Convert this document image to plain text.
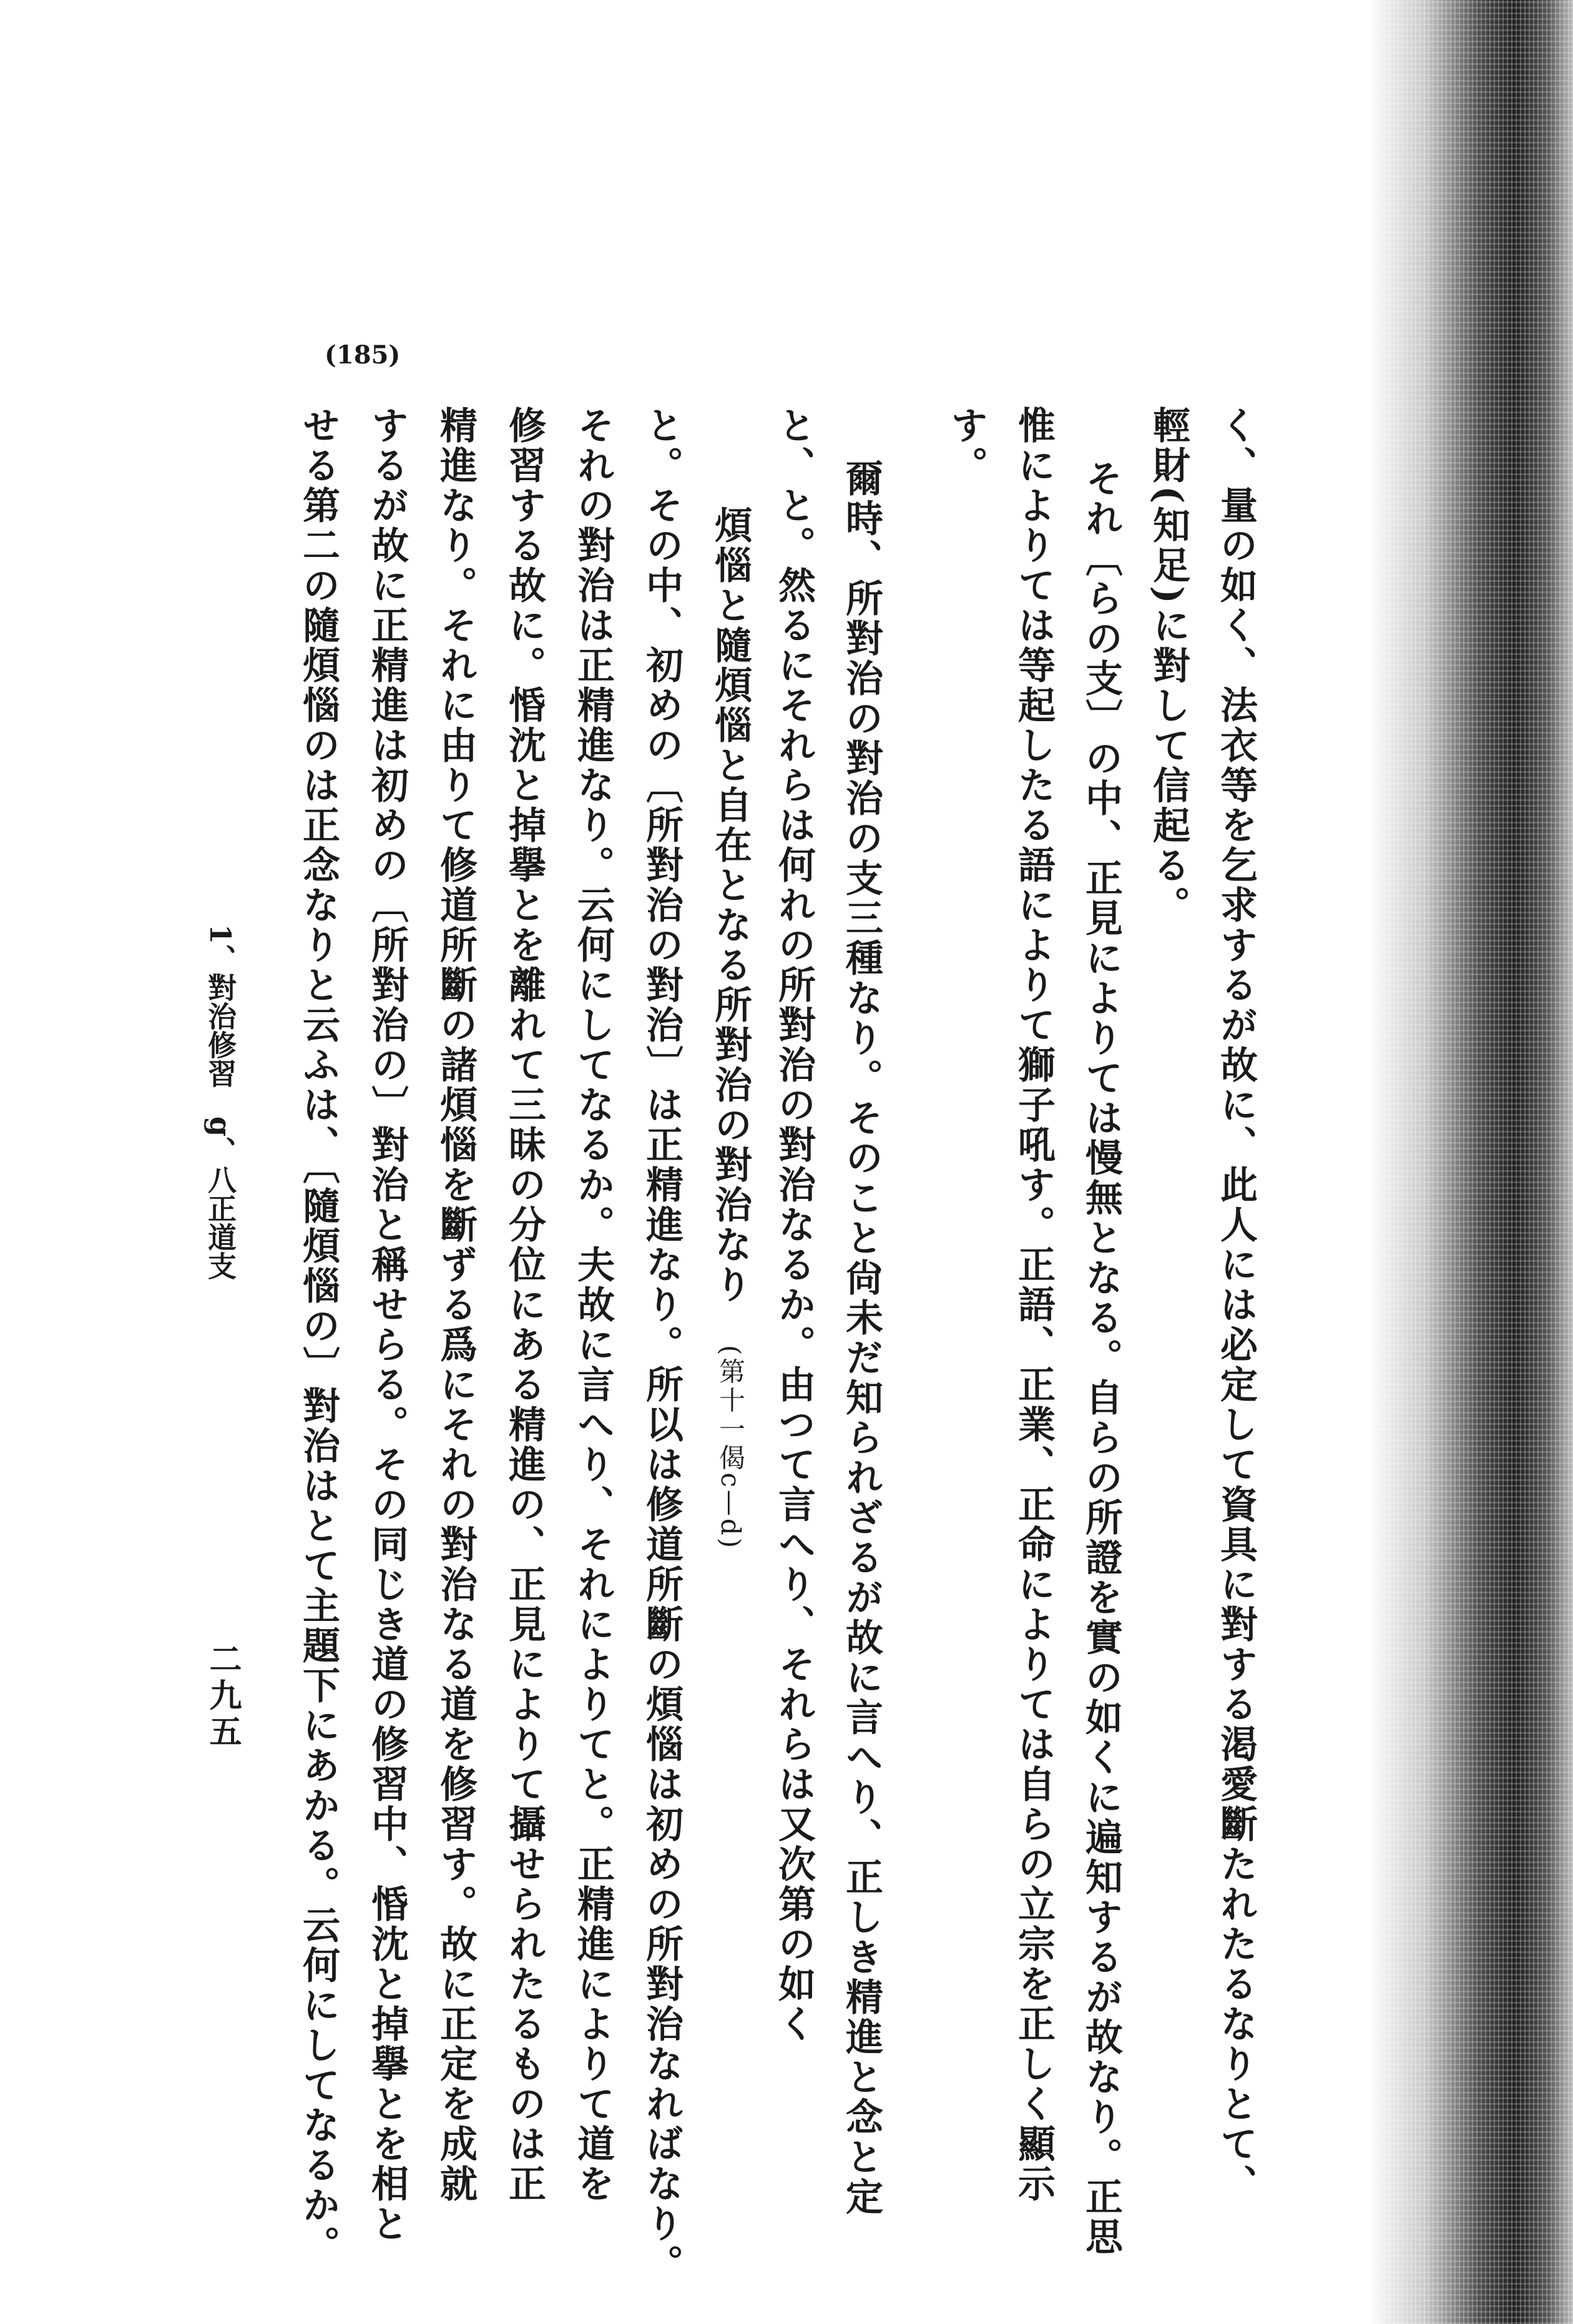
(185)
く、量の如く、法衣等を乞求するが故に、此人には必定して資具に對する渇愛斷たれたるなりとて、
輕財(知足)に對して信起る。
それ〔らの支〕の中、正見によりては慢無となる。自らの所證を實の如くに遍知するが故なり。正思
惟によりては等起したる語によりて獅子吼す。正語、正業、正命によりては自らの立宗を正しく顯示
す。
爾時、所對治の對治の支三種なり。そのこと尙未だ知られざるが故に言へり、正しき精進と念と定
と、と。然るにそれらは何れの所對治の對治なるか。由つて言へり、それらは又次第の如く
煩惱と隨煩惱と自在となる所對治の對治なり　(第十一偈c—d)
と。その中、初めの〔所對治の對治〕は正精進なり。所以は修道所斷の煩惱は初めの所對治なればなり。
それの對治は正精進なり。云何にしてなるか。夫故に言へり、それによりてと。正精進によりて道を
修習する故に。惛沈と掉擧とを離れて三昧の分位にある精進の、正見によりて攝せられたるものは正
精進なり。それに由りて修道所斷の諸煩惱を斷ずる爲にそれの對治なる道を修習す。故に正定を成就
するが故に正精進は初めの〔所對治の〕對治と稱せらる。その同じき道の修習中、惛沈と掉擧とを相と
せる第二の隨煩惱のは正念なりと云ふは、〔隨煩惱の〕對治はとて主題下にあかる。云何にしてなるか。
1、對治修習　g、八正道支
二九五
